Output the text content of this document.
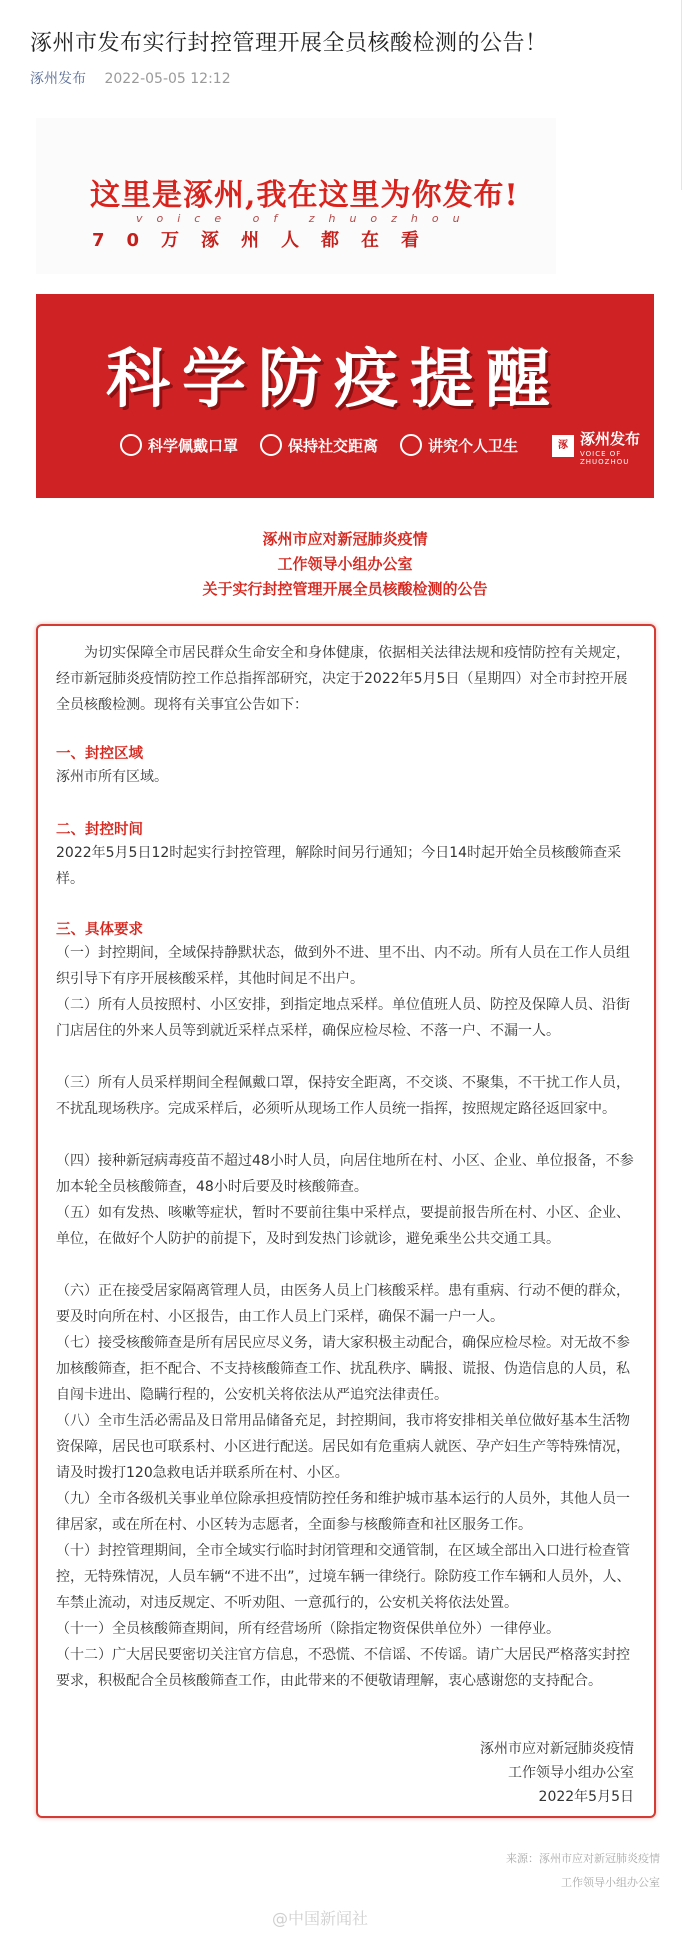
涿州市发布实行封控管理开展全员核酸检测的公告！
涿州发布 2022-05-05 12:12
这里是涿州,我在这里为你发布!
voice of zhuozhou
70万涿州人都在看
科学防疫提醒
科学佩戴口罩	保持社交距离	讲究个人卫生	涿 涿州发布
VOICE OF ZHUOZHOU
涿州市应对新冠肺炎疫情
工作领导小组办公室
关于实行封控管理开展全员核酸检测的公告
为切实保障全市居民群众生命安全和身体健康，依据相关法律法规和疫情防控有关规定，经市新冠肺炎疫情防控工作总指挥部研究，决定于2022年5月5日（星期四）对全市封控开展全员核酸检测。现将有关事宜公告如下：
一、封控区域
涿州市所有区域。
二、封控时间
2022年5月5日12时起实行封控管理，解除时间另行通知；今日14时起开始全员核酸筛查采样。
三、具体要求
（一）封控期间，全域保持静默状态，做到外不进、里不出、内不动。所有人员在工作人员组织引导下有序开展核酸采样，其他时间足不出户。
（二）所有人员按照村、小区安排，到指定地点采样。单位值班人员、防控及保障人员、沿街门店居住的外来人员等到就近采样点采样，确保应检尽检、不落一户、不漏一人。
（三）所有人员采样期间全程佩戴口罩，保持安全距离，不交谈、不聚集，不干扰工作人员，不扰乱现场秩序。完成采样后，必须听从现场工作人员统一指挥，按照规定路径返回家中。
（四）接种新冠病毒疫苗不超过48小时人员，向居住地所在村、小区、企业、单位报备，不参加本轮全员核酸筛查，48小时后要及时核酸筛查。
（五）如有发热、咳嗽等症状，暂时不要前往集中采样点，要提前报告所在村、小区、企业、单位，在做好个人防护的前提下，及时到发热门诊就诊，避免乘坐公共交通工具。
（六）正在接受居家隔离管理人员，由医务人员上门核酸采样。患有重病、行动不便的群众，要及时向所在村、小区报告，由工作人员上门采样，确保不漏一户一人。
（七）接受核酸筛查是所有居民应尽义务，请大家积极主动配合，确保应检尽检。对无故不参加核酸筛查，拒不配合、不支持核酸筛查工作、扰乱秩序、瞒报、谎报、伪造信息的人员，私自闯卡进出、隐瞒行程的，公安机关将依法从严追究法律责任。
（八）全市生活必需品及日常用品储备充足，封控期间，我市将安排相关单位做好基本生活物资保障，居民也可联系村、小区进行配送。居民如有危重病人就医、孕产妇生产等特殊情况，请及时拨打120急救电话并联系所在村、小区。
（九）全市各级机关事业单位除承担疫情防控任务和维护城市基本运行的人员外，其他人员一律居家，或在所在村、小区转为志愿者，全面参与核酸筛查和社区服务工作。
（十）封控管理期间，全市全域实行临时封闭管理和交通管制，在区域全部出入口进行检查管控，无特殊情况，人员车辆“不进不出”，过境车辆一律绕行。除防疫工作车辆和人员外，人、车禁止流动，对违反规定、不听劝阻、一意孤行的，公安机关将依法处置。
（十一）全员核酸筛查期间，所有经营场所（除指定物资保供单位外）一律停业。
（十二）广大居民要密切关注官方信息，不恐慌、不信谣、不传谣。请广大居民严格落实封控要求，积极配合全员核酸筛查工作，由此带来的不便敬请理解，衷心感谢您的支持配合。
涿州市应对新冠肺炎疫情
工作领导小组办公室
2022年5月5日
来源：涿州市应对新冠肺炎疫情
工作领导小组办公室
@中国新闻社
